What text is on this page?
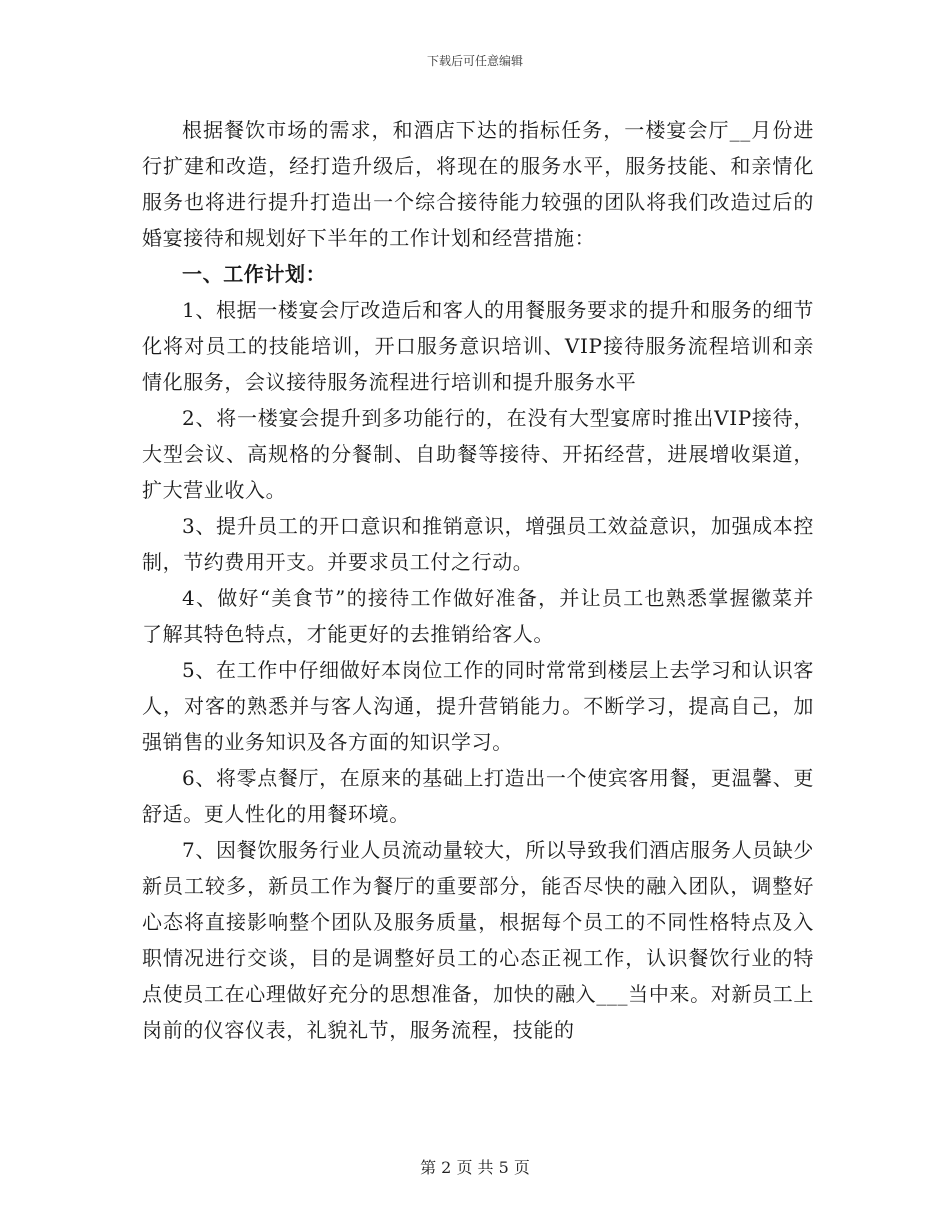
下载后可任意编辑

根据餐饮市场的需求，和酒店下达的指标任务，一楼宴会厅__月份进行扩建和改造，经打造升级后，将现在的服务水平，服务技能、和亲情化服务也将进行提升打造出一个综合接待能力较强的团队将我们改造过后的婚宴接待和规划好下半年的工作计划和经营措施：

一、工作计划：

1、根据一楼宴会厅改造后和客人的用餐服务要求的提升和服务的细节化将对员工的技能培训，开口服务意识培训、VIP接待服务流程培训和亲情化服务，会议接待服务流程进行培训和提升服务水平

2、将一楼宴会提升到多功能行的，在没有大型宴席时推出VIP接待，大型会议、高规格的分餐制、自助餐等接待、开拓经营，进展增收渠道，扩大营业收入。

3、提升员工的开口意识和推销意识，增强员工效益意识，加强成本控制，节约费用开支。并要求员工付之行动。

4、做好“美食节”的接待工作做好准备，并让员工也熟悉掌握徽菜并了解其特色特点，才能更好的去推销给客人。

5、在工作中仔细做好本岗位工作的同时常常到楼层上去学习和认识客人，对客的熟悉并与客人沟通，提升营销能力。不断学习，提高自己，加强销售的业务知识及各方面的知识学习。

6、将零点餐厅，在原来的基础上打造出一个使宾客用餐，更温馨、更舒适。更人性化的用餐环境。

7、因餐饮服务行业人员流动量较大，所以导致我们酒店服务人员缺少新员工较多，新员工作为餐厅的重要部分，能否尽快的融入团队，调整好心态将直接影响整个团队及服务质量，根据每个员工的不同性格特点及入职情况进行交谈，目的是调整好员工的心态正视工作，认识餐饮行业的特点使员工在心理做好充分的思想准备，加快的融入___当中来。对新员工上岗前的仪容仪表，礼貌礼节，服务流程，技能的

第 2 页 共 5 页
